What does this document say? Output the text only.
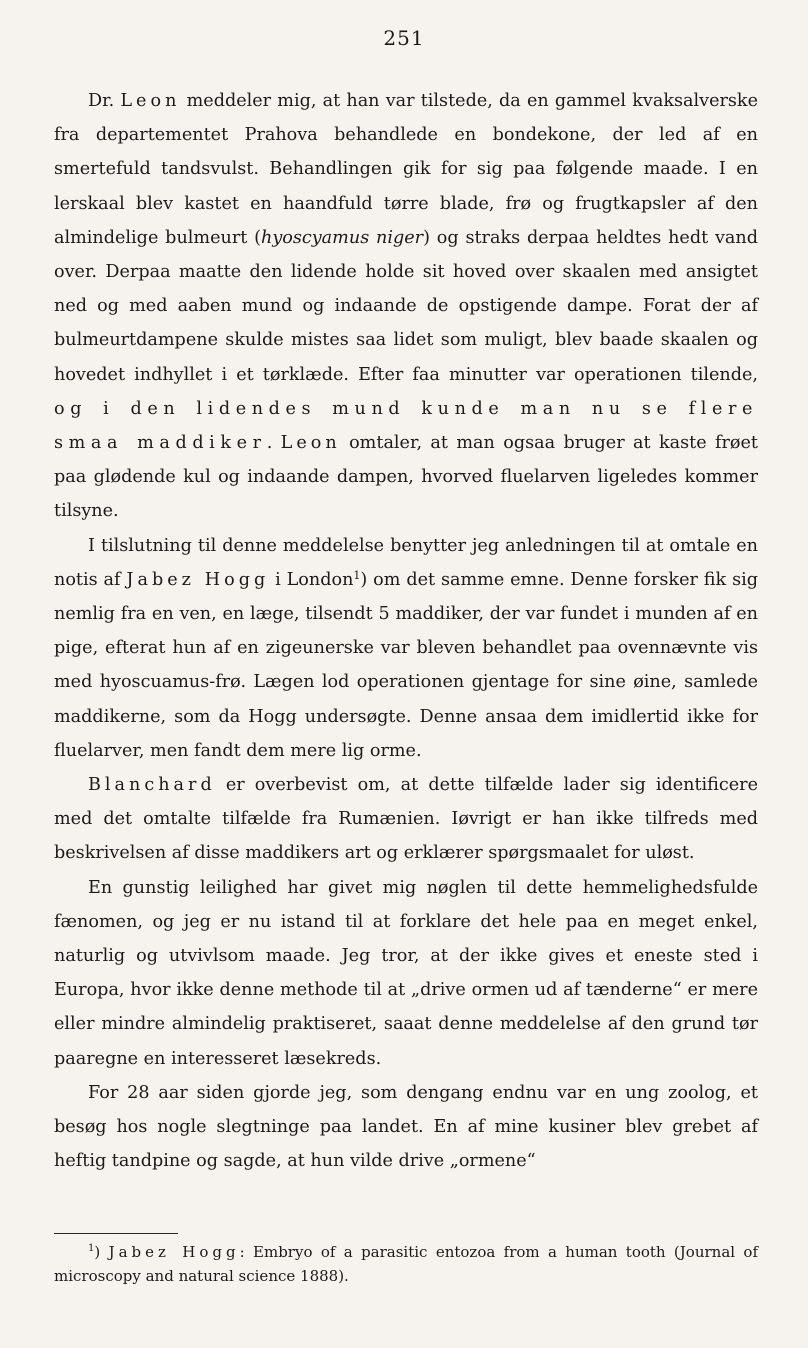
251

Dr. Leon meddeler mig, at han var tilstede, da en gammel kvaksalverske fra departementet Prahova behandlede en bondekone, der led af en smertefuld tandsvulst. Behandlingen gik for sig paa følgende maade. I en lerskaal blev kastet en haandfuld tørre blade, frø og frugtkapsler af den almindelige bulmeurt (hyoscyamus niger) og straks derpaa heldtes hedt vand over. Derpaa maatte den lidende holde sit hoved over skaalen med ansigtet ned og med aaben mund og indaande de opstigende dampe. Forat der af bulmeurtdampene skulde mistes saa lidet som muligt, blev baade skaalen og hovedet indhyllet i et tørklæde. Efter faa minutter var operationen tilende, og i den lidendes mund kunde man nu se flere smaa maddiker. Leon omtaler, at man ogsaa bruger at kaste frøet paa glødende kul og indaande dampen, hvorved fluelarven ligeledes kommer tilsyne.

I tilslutning til denne meddelelse benytter jeg anledningen til at omtale en notis af Jabez Hogg i London$^1$) om det samme emne. Denne forsker fik sig nemlig fra en ven, en læge, tilsendt 5 maddiker, der var fundet i munden af en pige, efterat hun af en zigeunerske var bleven behandlet paa ovennævnte vis med hyoscuamus-frø. Lægen lod operationen gjentage for sine øine, samlede maddikerne, som da Hogg undersøgte. Denne ansaa dem imidlertid ikke for fluelarver, men fandt dem mere lig orme.

Blanchard er overbevist om, at dette tilfælde lader sig identificere med det omtalte tilfælde fra Rumænien. Iøvrigt er han ikke tilfreds med beskrivelsen af disse maddikers art og erklærer spørgsmaalet for uløst.

En gunstig leilighed har givet mig nøglen til dette hemmelighedsfulde fænomen, og jeg er nu istand til at forklare det hele paa en meget enkel, naturlig og utvivlsom maade. Jeg tror, at der ikke gives et eneste sted i Europa, hvor ikke denne methode til at „drive ormen ud af tænderne“ er mere eller mindre almindelig praktiseret, saaat denne meddelelse af den grund tør paaregne en interesseret læsekreds.

For 28 aar siden gjorde jeg, som dengang endnu var en ung zoolog, et besøg hos nogle slegtninge paa landet. En af mine kusiner blev grebet af heftig tandpine og sagde, at hun vilde drive „ormene“

$^1$) Jabez Hogg: Embryo of a parasitic entozoa from a human tooth (Journal of microscopy and natural science 1888).
